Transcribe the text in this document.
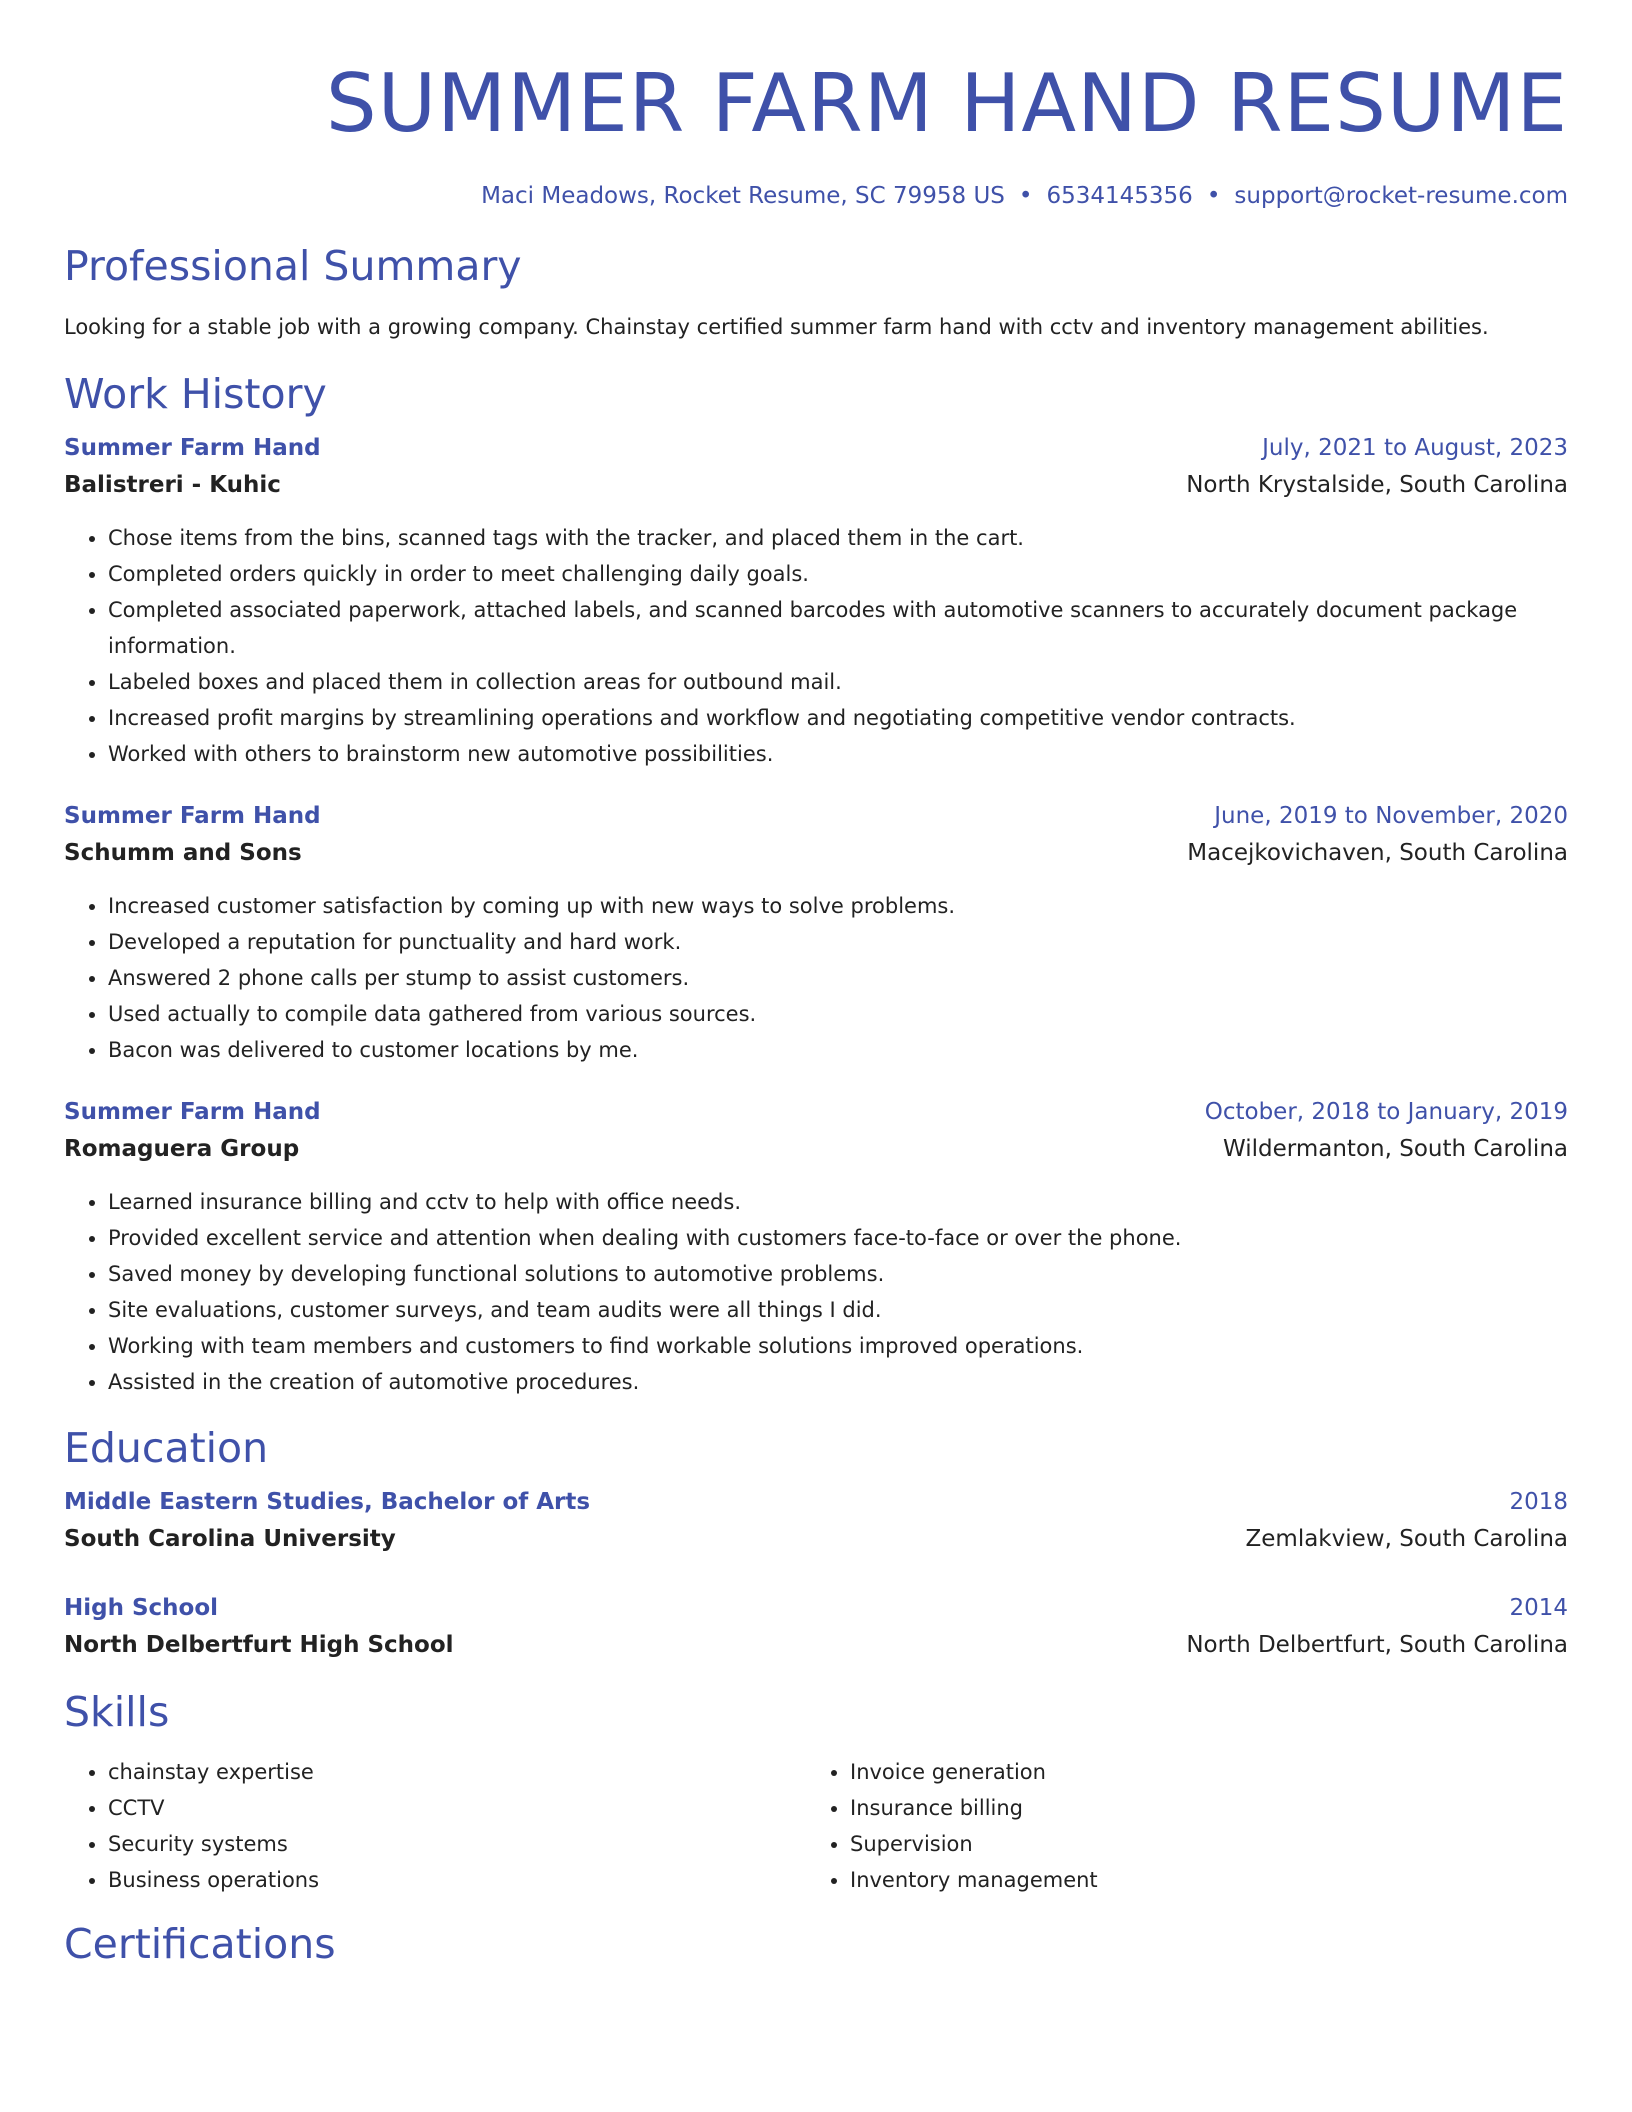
SUMMER FARM HAND RESUME
Maci Meadows, Rocket Resume, SC 79958 US • 6534145356 • support@rocket-resume.com
Professional Summary
Looking for a stable job with a growing company. Chainstay certified summer farm hand with cctv and inventory management abilities.
Work History
Summer Farm Hand	July, 2021 to August, 2023
Balistreri - Kuhic	North Krystalside, South Carolina
• Chose items from the bins, scanned tags with the tracker, and placed them in the cart.
• Completed orders quickly in order to meet challenging daily goals.
• Completed associated paperwork, attached labels, and scanned barcodes with automotive scanners to accurately document package information.
• Labeled boxes and placed them in collection areas for outbound mail.
• Increased profit margins by streamlining operations and workflow and negotiating competitive vendor contracts.
• Worked with others to brainstorm new automotive possibilities.
Summer Farm Hand	June, 2019 to November, 2020
Schumm and Sons	Macejkovichaven, South Carolina
• Increased customer satisfaction by coming up with new ways to solve problems.
• Developed a reputation for punctuality and hard work.
• Answered 2 phone calls per stump to assist customers.
• Used actually to compile data gathered from various sources.
• Bacon was delivered to customer locations by me.
Summer Farm Hand	October, 2018 to January, 2019
Romaguera Group	Wildermanton, South Carolina
• Learned insurance billing and cctv to help with office needs.
• Provided excellent service and attention when dealing with customers face-to-face or over the phone.
• Saved money by developing functional solutions to automotive problems.
• Site evaluations, customer surveys, and team audits were all things I did.
• Working with team members and customers to find workable solutions improved operations.
• Assisted in the creation of automotive procedures.
Education
Middle Eastern Studies, Bachelor of Arts	2018
South Carolina University	Zemlakview, South Carolina
High School	2014
North Delbertfurt High School	North Delbertfurt, South Carolina
Skills
• chainstay expertise
• CCTV
• Security systems
• Business operations
• Invoice generation
• Insurance billing
• Supervision
• Inventory management
Certifications
